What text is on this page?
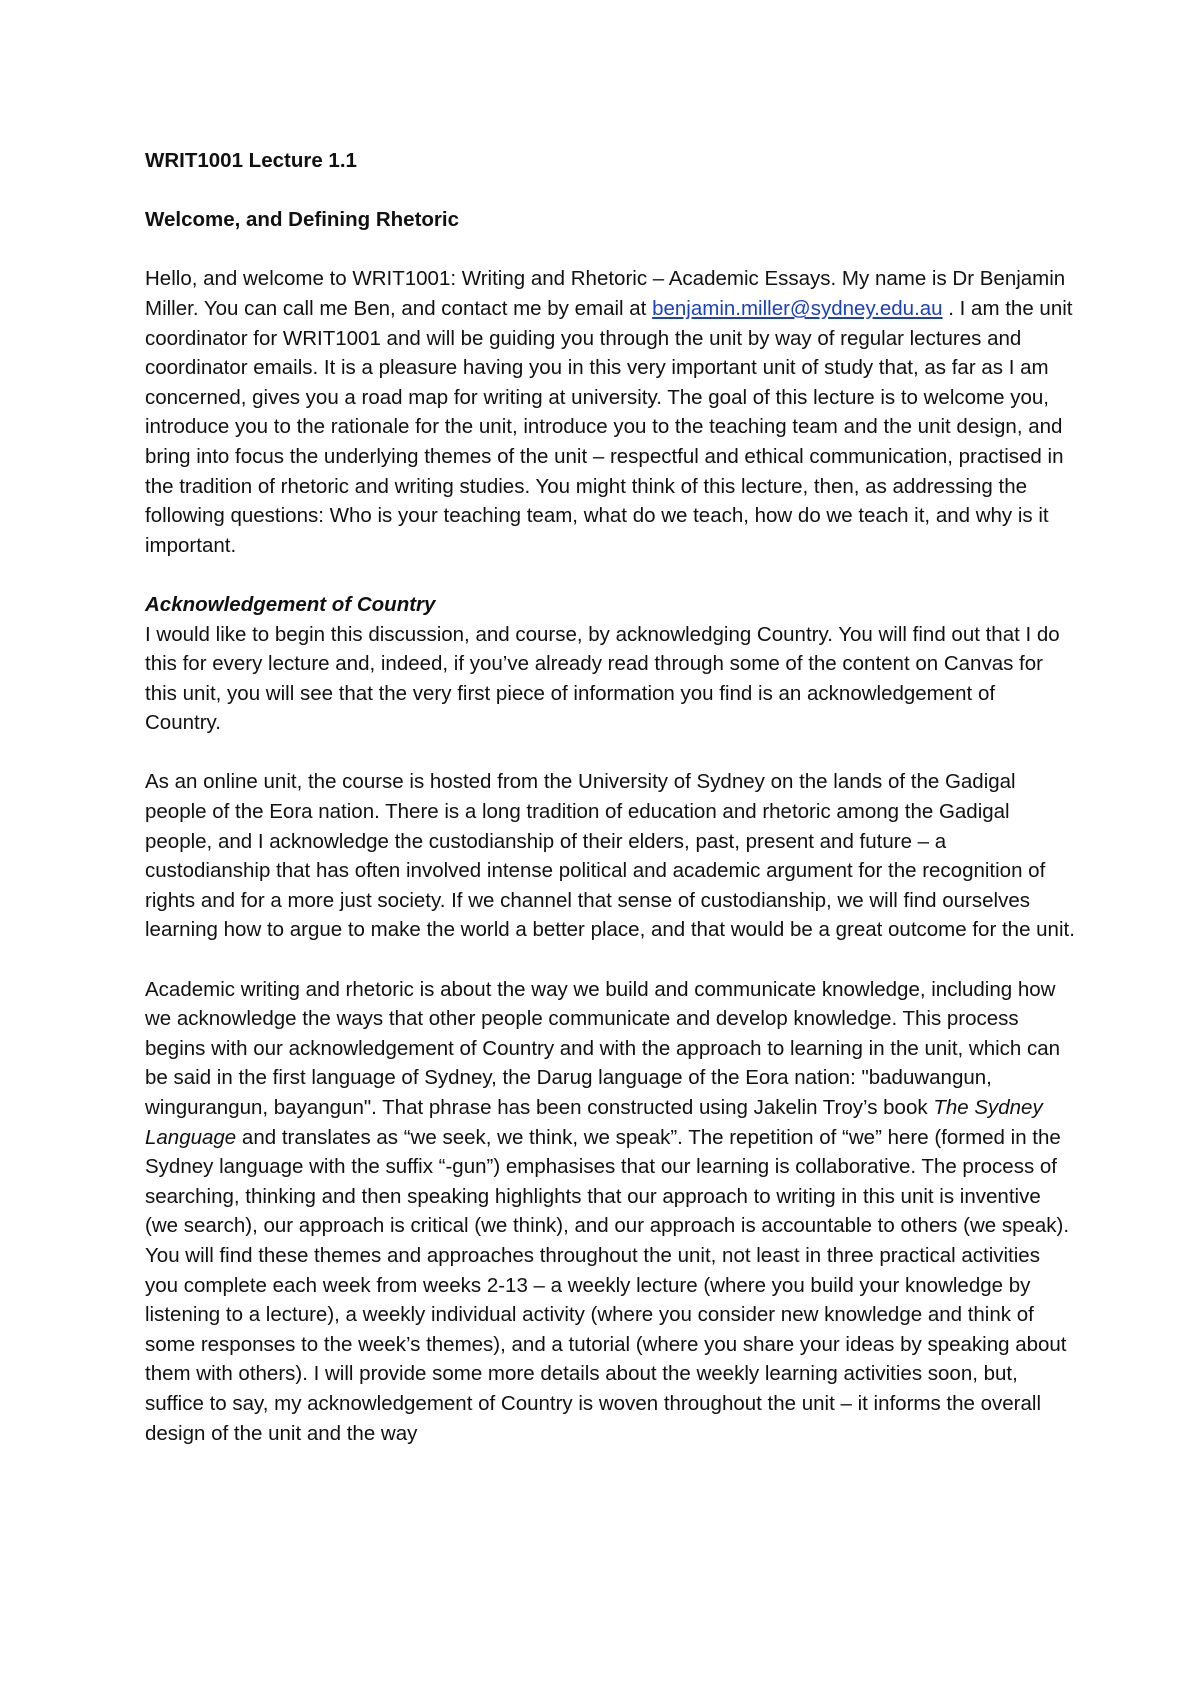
WRIT1001 Lecture 1.1

Welcome, and Defining Rhetoric

Hello, and welcome to WRIT1001: Writing and Rhetoric – Academic Essays. My name is Dr Benjamin Miller. You can call me Ben, and contact me by email at benjamin.miller@sydney.edu.au . I am the unit coordinator for WRIT1001 and will be guiding you through the unit by way of regular lectures and coordinator emails. It is a pleasure having you in this very important unit of study that, as far as I am concerned, gives you a road map for writing at university. The goal of this lecture is to welcome you, introduce you to the rationale for the unit, introduce you to the teaching team and the unit design, and bring into focus the underlying themes of the unit – respectful and ethical communication, practised in the tradition of rhetoric and writing studies. You might think of this lecture, then, as addressing the following questions: Who is your teaching team, what do we teach, how do we teach it, and why is it important.

Acknowledgement of Country

I would like to begin this discussion, and course, by acknowledging Country. You will find out that I do this for every lecture and, indeed, if you’ve already read through some of the content on Canvas for this unit, you will see that the very first piece of information you find is an acknowledgement of Country.

As an online unit, the course is hosted from the University of Sydney on the lands of the Gadigal people of the Eora nation. There is a long tradition of education and rhetoric among the Gadigal people, and I acknowledge the custodianship of their elders, past, present and future – a custodianship that has often involved intense political and academic argument for the recognition of rights and for a more just society. If we channel that sense of custodianship, we will find ourselves learning how to argue to make the world a better place, and that would be a great outcome for the unit.

Academic writing and rhetoric is about the way we build and communicate knowledge, including how we acknowledge the ways that other people communicate and develop knowledge. This process begins with our acknowledgement of Country and with the approach to learning in the unit, which can be said in the first language of Sydney, the Darug language of the Eora nation: "baduwangun, wingurangun, bayangun". That phrase has been constructed using Jakelin Troy’s book The Sydney Language and translates as “we seek, we think, we speak”. The repetition of “we” here (formed in the Sydney language with the suffix “-gun”) emphasises that our learning is collaborative. The process of searching, thinking and then speaking highlights that our approach to writing in this unit is inventive (we search), our approach is critical (we think), and our approach is accountable to others (we speak). You will find these themes and approaches throughout the unit, not least in three practical activities you complete each week from weeks 2-13 – a weekly lecture (where you build your knowledge by listening to a lecture), a weekly individual activity (where you consider new knowledge and think of some responses to the week’s themes), and a tutorial (where you share your ideas by speaking about them with others). I will provide some more details about the weekly learning activities soon, but, suffice to say, my acknowledgement of Country is woven throughout the unit – it informs the overall design of the unit and the way
